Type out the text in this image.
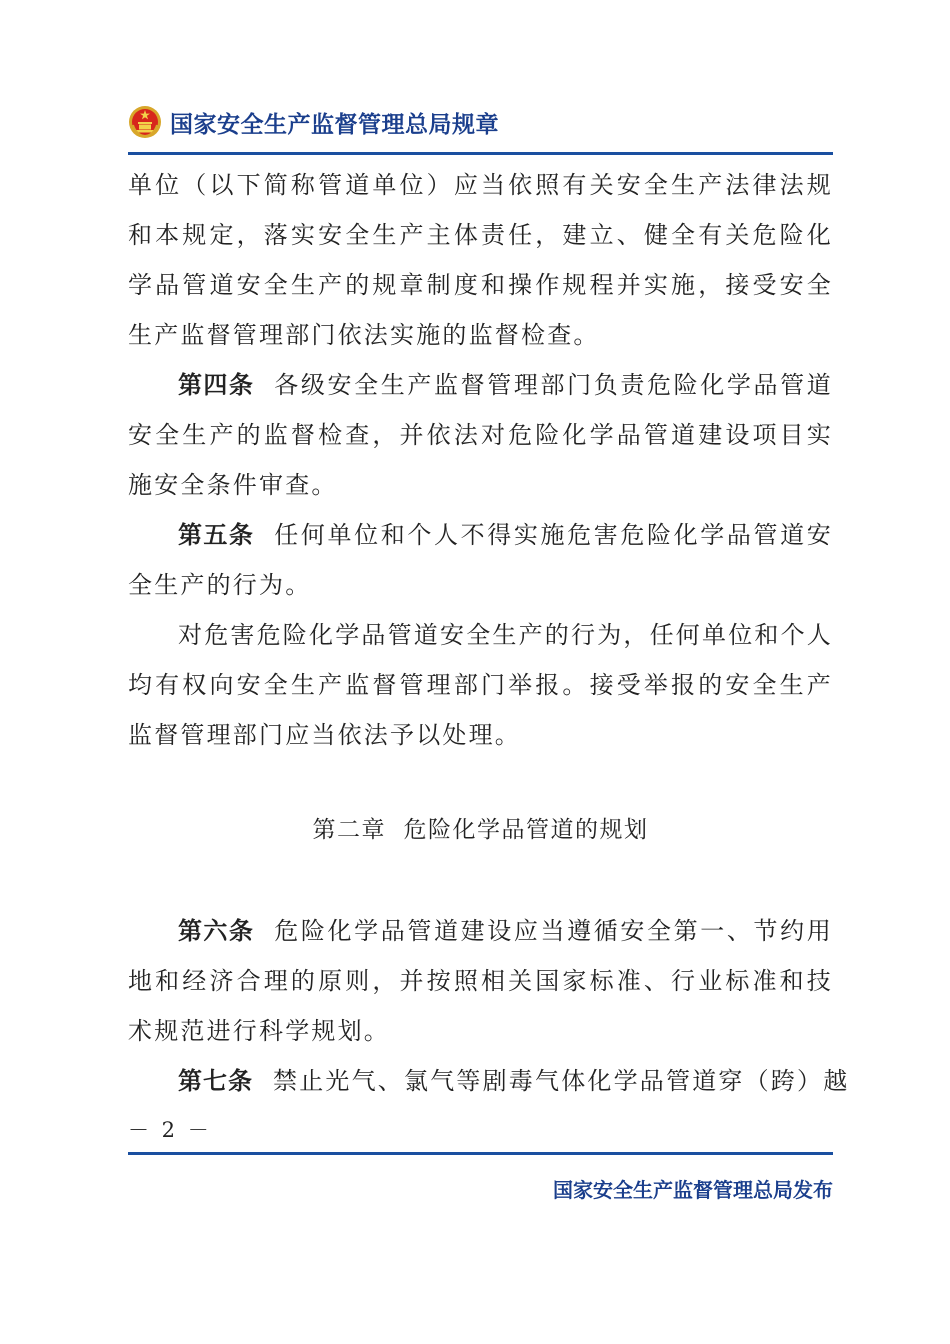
国家安全生产监督管理总局规章

单位（以下简称管道单位）应当依照有关安全生产法律法规和本规定，落实安全生产主体责任，建立、健全有关危险化学品管道安全生产的规章制度和操作规程并实施，接受安全生产监督管理部门依法实施的监督检查。

第四条 各级安全生产监督管理部门负责危险化学品管道安全生产的监督检查，并依法对危险化学品管道建设项目实施安全条件审查。

第五条 任何单位和个人不得实施危害危险化学品管道安全生产的行为。

对危害危险化学品管道安全生产的行为，任何单位和个人均有权向安全生产监督管理部门举报。接受举报的安全生产监督管理部门应当依法予以处理。

第二章  危险化学品管道的规划

第六条 危险化学品管道建设应当遵循安全第一、节约用地和经济合理的原则，并按照相关国家标准、行业标准和技术规范进行科学规划。

第七条 禁止光气、氯气等剧毒气体化学品管道穿（跨）越

－ 2 －
国家安全生产监督管理总局发布
